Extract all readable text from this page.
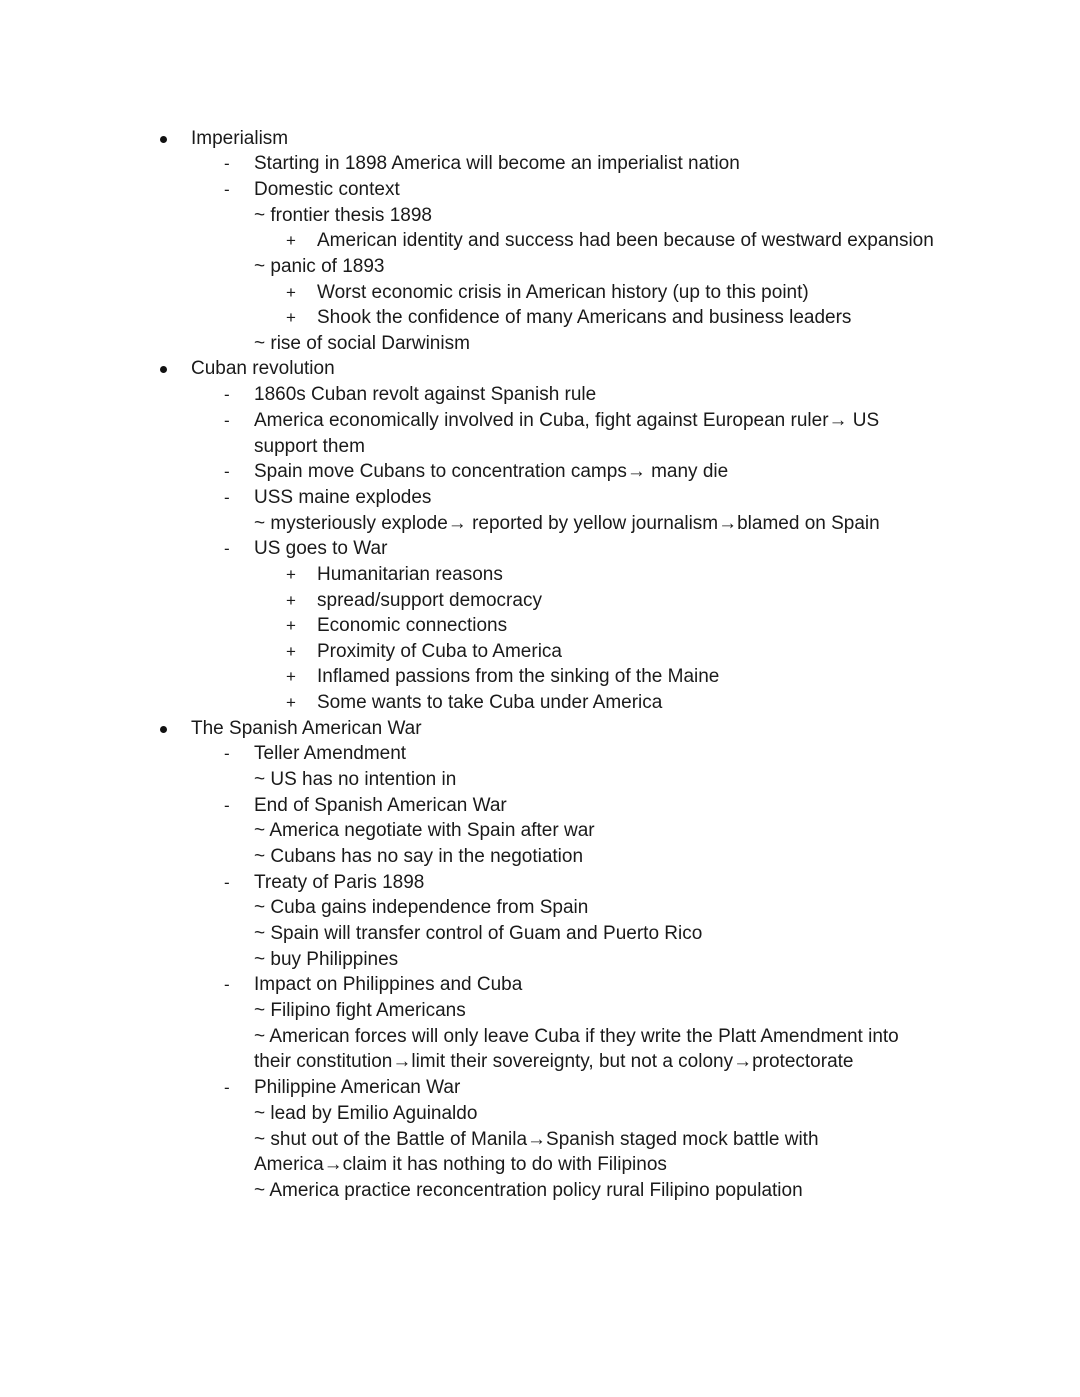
Imperialism
- Starting in 1898 America will become an imperialist nation
- Domestic context
~ frontier thesis 1898
+ American identity and success had been because of westward expansion
~ panic of 1893
+ Worst economic crisis in American history (up to this point)
+ Shook the confidence of many Americans and business leaders
~ rise of social Darwinism
Cuban revolution
- 1860s Cuban revolt against Spanish rule
- America economically involved in Cuba, fight against European ruler→ US
support them
- Spain move Cubans to concentration camps→ many die
- USS maine explodes
~ mysteriously explode→ reported by yellow journalism→blamed on Spain
- US goes to War
+ Humanitarian reasons
+ spread/support democracy
+ Economic connections
+ Proximity of Cuba to America
+ Inflamed passions from the sinking of the Maine
+ Some wants to take Cuba under America
The Spanish American War
- Teller Amendment
~ US has no intention in
- End of Spanish American War
~ America negotiate with Spain after war
~ Cubans has no say in the negotiation
- Treaty of Paris 1898
~ Cuba gains independence from Spain
~ Spain will transfer control of Guam and Puerto Rico
~ buy Philippines
- Impact on Philippines and Cuba
~ Filipino fight Americans
~ American forces will only leave Cuba if they write the Platt Amendment into
their constitution→limit their sovereignty, but not a colony→protectorate
- Philippine American War
~ lead by Emilio Aguinaldo
~ shut out of the Battle of Manila→Spanish staged mock battle with
America→claim it has nothing to do with Filipinos
~ America practice reconcentration policy rural Filipino population
